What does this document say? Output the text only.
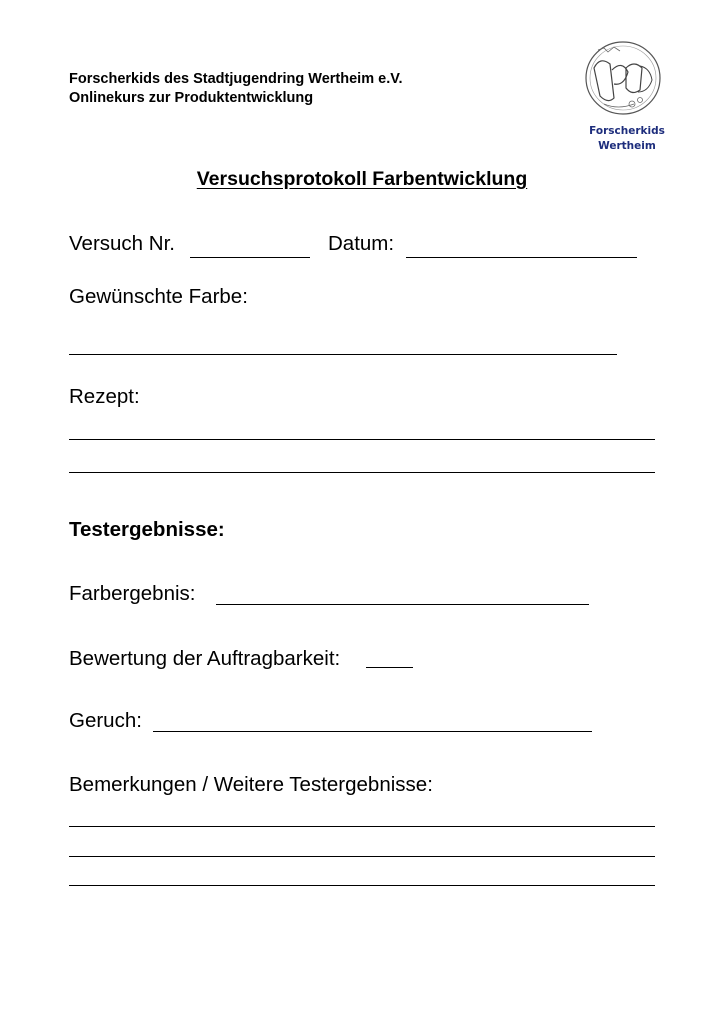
Forscherkids des Stadtjugendring Wertheim e.V.
Onlinekurs zur Produktentwicklung
Forscherkids
Wertheim
Versuchsprotokoll Farbentwicklung
Versuch Nr.	Datum:
Gewünschte Farbe:
Rezept:
Testergebnisse:
Farbergebnis:
Bewertung der Auftragbarkeit:
Geruch:
Bemerkungen / Weitere Testergebnisse:
